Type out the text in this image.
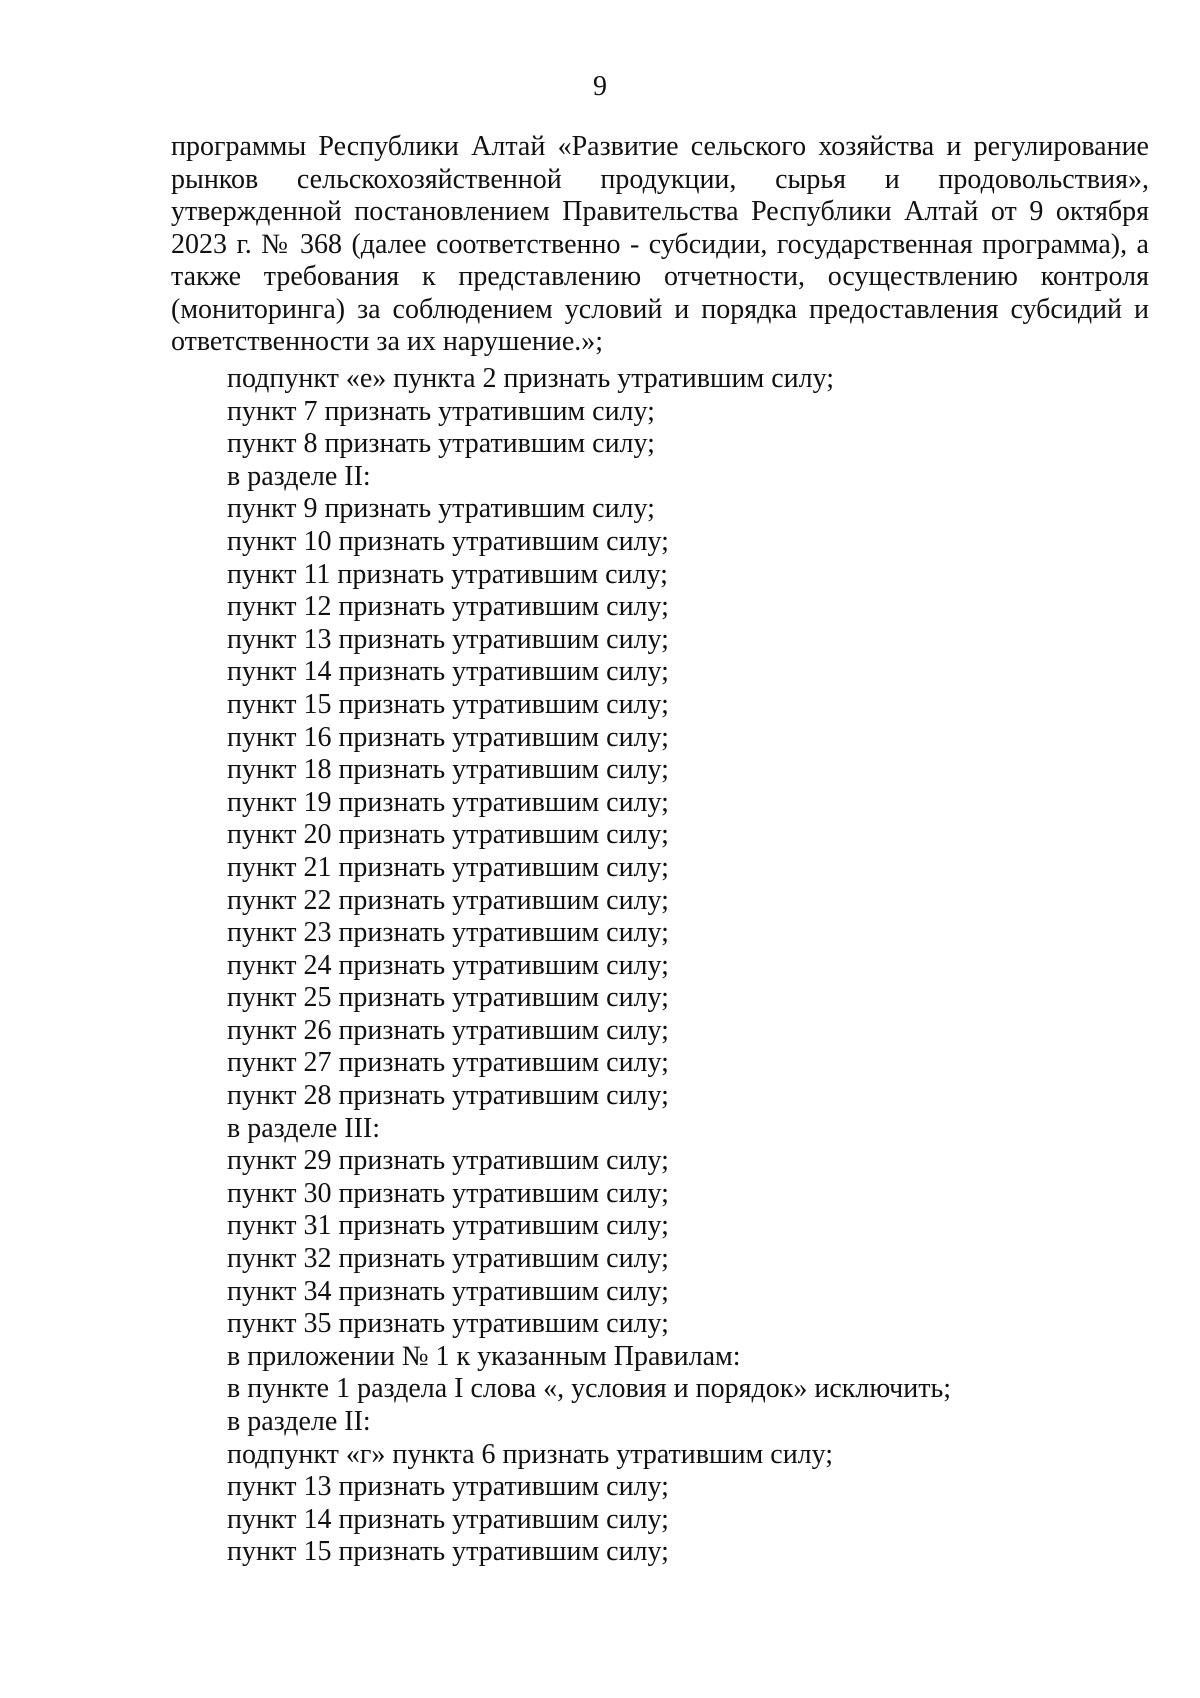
9
программы Республики Алтай «Развитие сельского хозяйства и регулирование
рынков сельскохозяйственной продукции, сырья и продовольствия»,
утвержденной постановлением Правительства Республики Алтай от 9 октября
2023 г. № 368 (далее соответственно - субсидии, государственная программа), а
также требования к представлению отчетности, осуществлению контроля
(мониторинга) за соблюдением условий и порядка предоставления субсидий и
ответственности за их нарушение.»;
подпункт «е» пункта 2 признать утратившим силу;
пункт 7 признать утратившим силу;
пункт 8 признать утратившим силу;
в разделе II:
пункт 9 признать утратившим силу;
пункт 10 признать утратившим силу;
пункт 11 признать утратившим силу;
пункт 12 признать утратившим силу;
пункт 13 признать утратившим силу;
пункт 14 признать утратившим силу;
пункт 15 признать утратившим силу;
пункт 16 признать утратившим силу;
пункт 18 признать утратившим силу;
пункт 19 признать утратившим силу;
пункт 20 признать утратившим силу;
пункт 21 признать утратившим силу;
пункт 22 признать утратившим силу;
пункт 23 признать утратившим силу;
пункт 24 признать утратившим силу;
пункт 25 признать утратившим силу;
пункт 26 признать утратившим силу;
пункт 27 признать утратившим силу;
пункт 28 признать утратившим силу;
в разделе III:
пункт 29 признать утратившим силу;
пункт 30 признать утратившим силу;
пункт 31 признать утратившим силу;
пункт 32 признать утратившим силу;
пункт 34 признать утратившим силу;
пункт 35 признать утратившим силу;
в приложении № 1 к указанным Правилам:
в пункте 1 раздела I слова «, условия и порядок» исключить;
в разделе II:
подпункт «г» пункта 6 признать утратившим силу;
пункт 13 признать утратившим силу;
пункт 14 признать утратившим силу;
пункт 15 признать утратившим силу;
